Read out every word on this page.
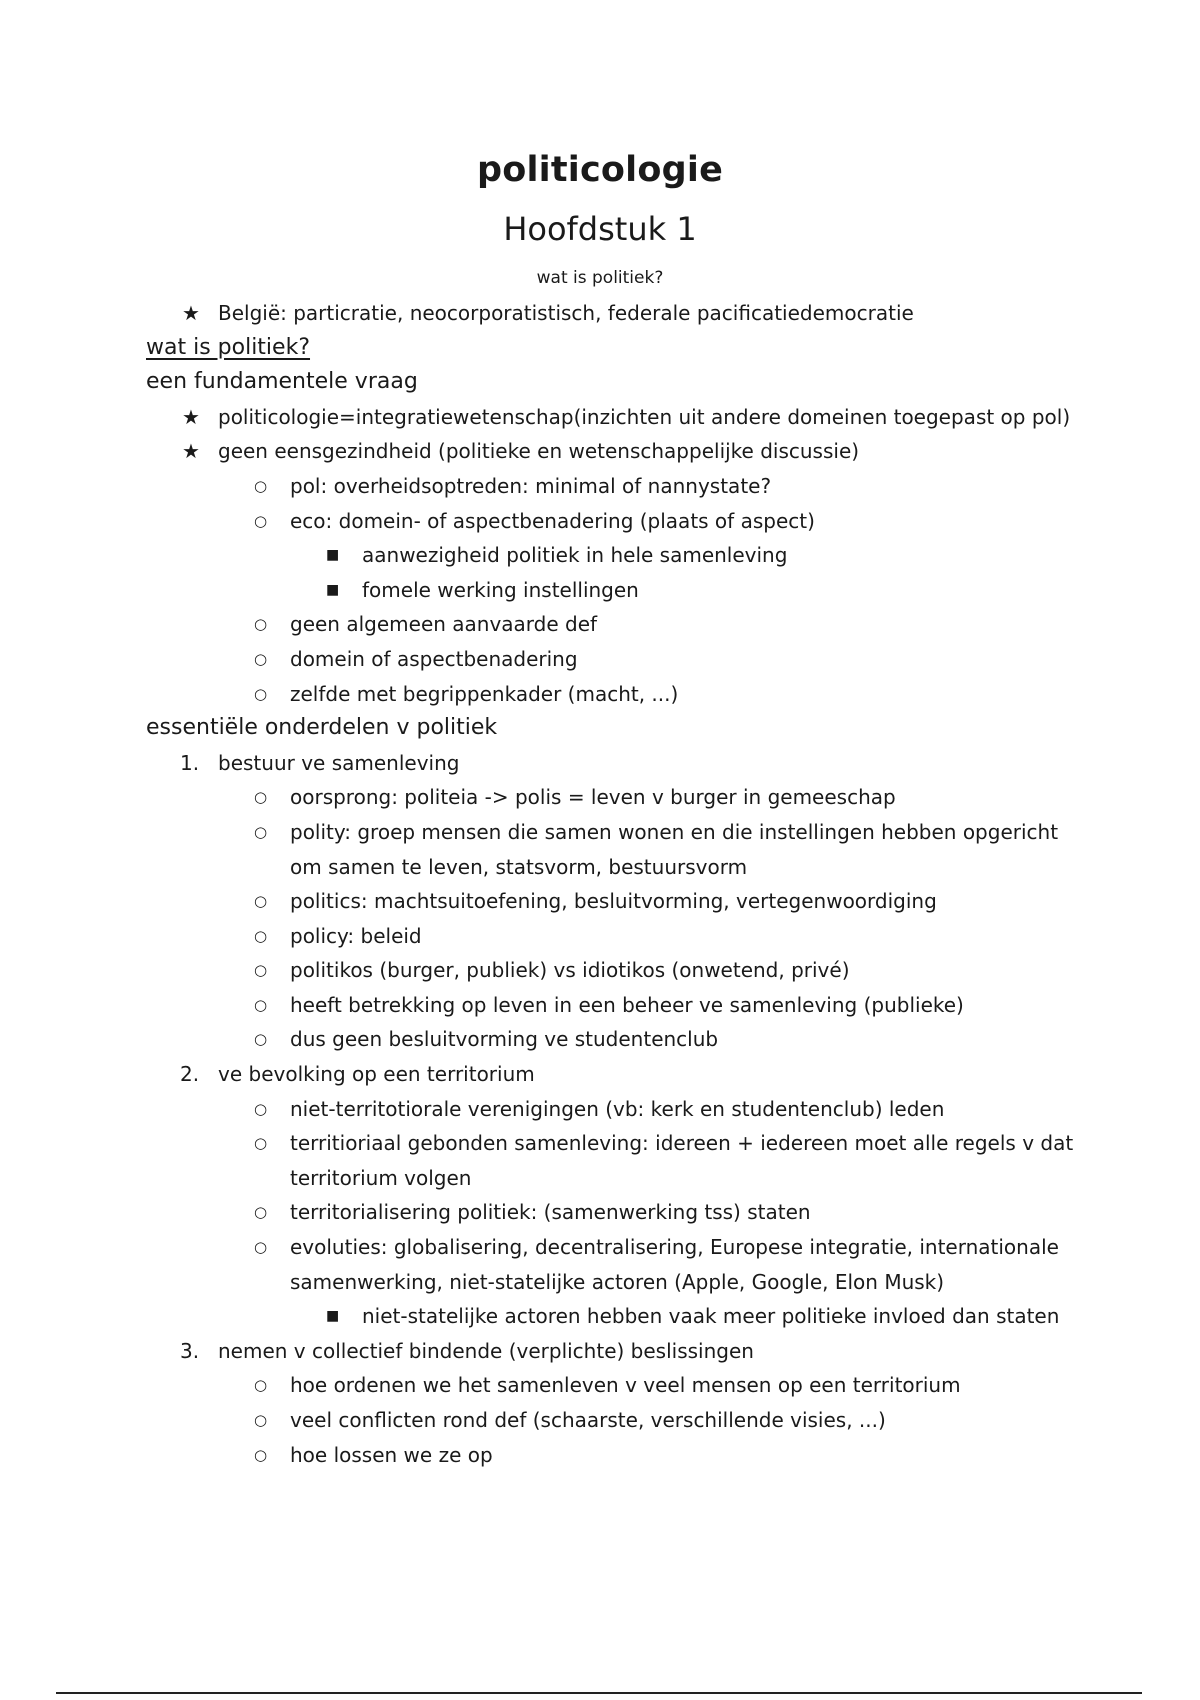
politicologie
Hoofdstuk 1
wat is politiek?
★ België: particratie, neocorporatistisch, federale pacificatiedemocratie
wat is politiek?
een fundamentele vraag
★ politicologie=integratiewetenschap(inzichten uit andere domeinen toegepast op pol)
★ geen eensgezindheid (politieke en wetenschappelijke discussie)
○ pol: overheidsoptreden: minimal of nannystate?
○ eco: domein- of aspectbenadering (plaats of aspect)
■ aanwezigheid politiek in hele samenleving
■ fomele werking instellingen
○ geen algemeen aanvaarde def
○ domein of aspectbenadering
○ zelfde met begrippenkader (macht, ...)
essentiële onderdelen v politiek
1. bestuur ve samenleving
○ oorsprong: politeia -> polis = leven v burger in gemeeschap
○ polity: groep mensen die samen wonen en die instellingen hebben opgericht om samen te leven, statsvorm, bestuursvorm
○ politics: machtsuitoefening, besluitvorming, vertegenwoordiging
○ policy: beleid
○ politikos (burger, publiek) vs idiotikos (onwetend, privé)
○ heeft betrekking op leven in een beheer ve samenleving (publieke)
○ dus geen besluitvorming ve studentenclub
2. ve bevolking op een territorium
○ niet-territotiorale verenigingen (vb: kerk en studentenclub) leden
○ territioriaal gebonden samenleving: idereen + iedereen moet alle regels v dat territorium volgen
○ territorialisering politiek: (samenwerking tss) staten
○ evoluties: globalisering, decentralisering, Europese integratie, internationale samenwerking, niet-statelijke actoren (Apple, Google, Elon Musk)
■ niet-statelijke actoren hebben vaak meer politieke invloed dan staten
3. nemen v collectief bindende (verplichte) beslissingen
○ hoe ordenen we het samenleven v veel mensen op een territorium
○ veel conflicten rond def (schaarste, verschillende visies, ...)
○ hoe lossen we ze op
